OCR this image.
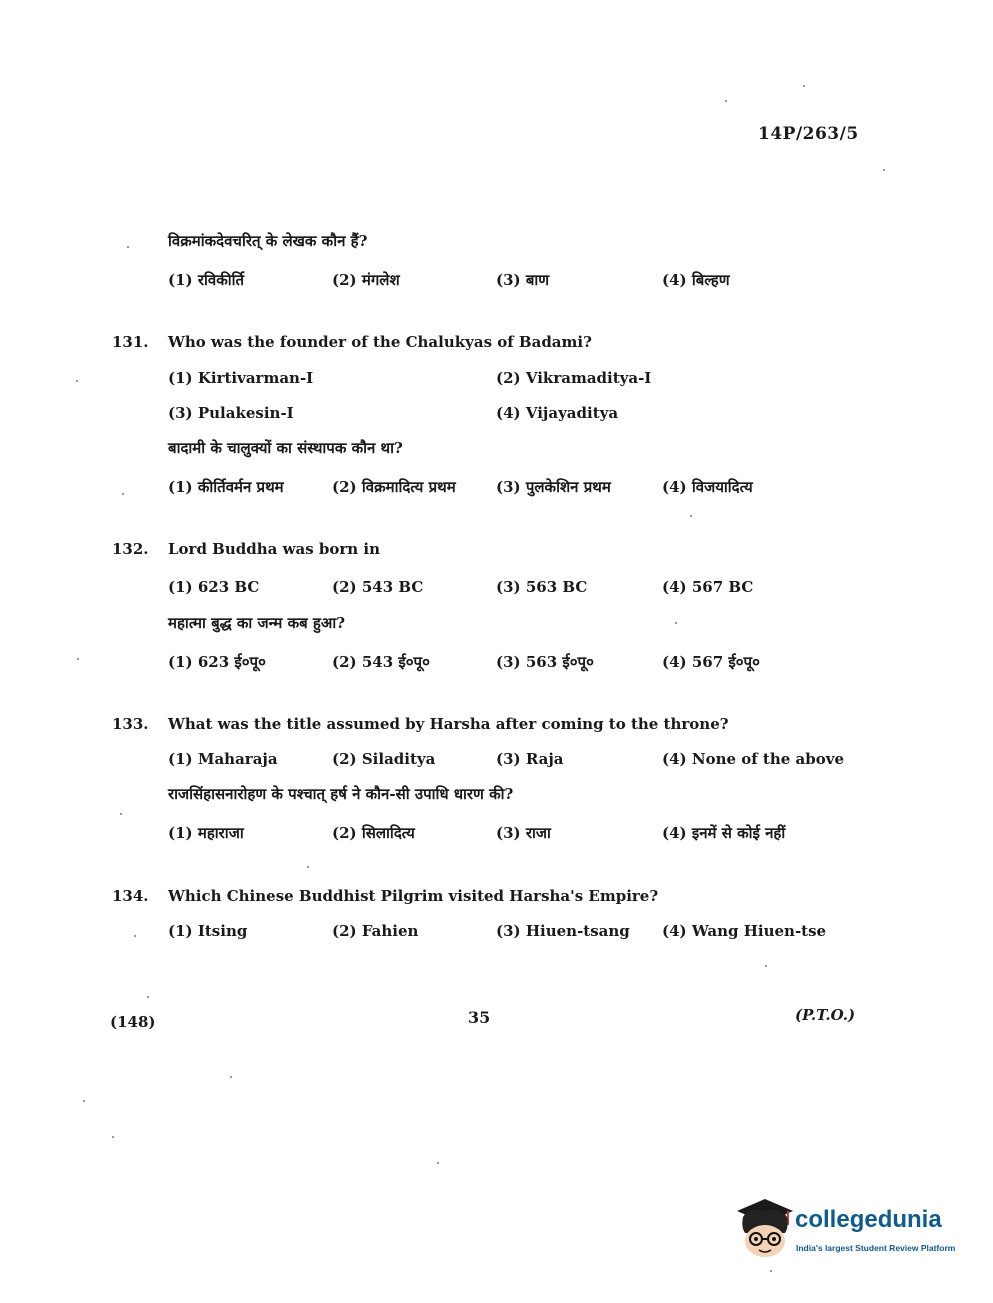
14P/263/5
विक्रमांकदेवचरित् के लेखक कौन हैं?
(1) रविकीर्ति	(2) मंगलेश	(3) बाण	(4) बिल्हण
131. Who was the founder of the Chalukyas of Badami?
(1) Kirtivarman-I	(2) Vikramaditya-I
(3) Pulakesin-I	(4) Vijayaditya
बादामी के चालुक्यों का संस्थापक कौन था?
(1) कीर्तिवर्मन प्रथम	(2) विक्रमादित्य प्रथम	(3) पुलकेशिन प्रथम	(4) विजयादित्य
132. Lord Buddha was born in
(1) 623 BC	(2) 543 BC	(3) 563 BC	(4) 567 BC
महात्मा बुद्ध का जन्म कब हुआ?
(1) 623 ई०पू०	(2) 543 ई०पू०	(3) 563 ई०पू०	(4) 567 ई०पू०
133. What was the title assumed by Harsha after coming to the throne?
(1) Maharaja	(2) Siladitya	(3) Raja	(4) None of the above
राजसिंहासनारोहण के पश्चात् हर्ष ने कौन-सी उपाधि धारण की?
(1) महाराजा	(2) सिलादित्य	(3) राजा	(4) इनमें से कोई नहीं
134. Which Chinese Buddhist Pilgrim visited Harsha's Empire?
(1) Itsing	(2) Fahien	(3) Hiuen-tsang (4) Wang Hiuen-tse
(148)	35	(P.T.O.)
collegedunia
India's largest Student Review Platform
